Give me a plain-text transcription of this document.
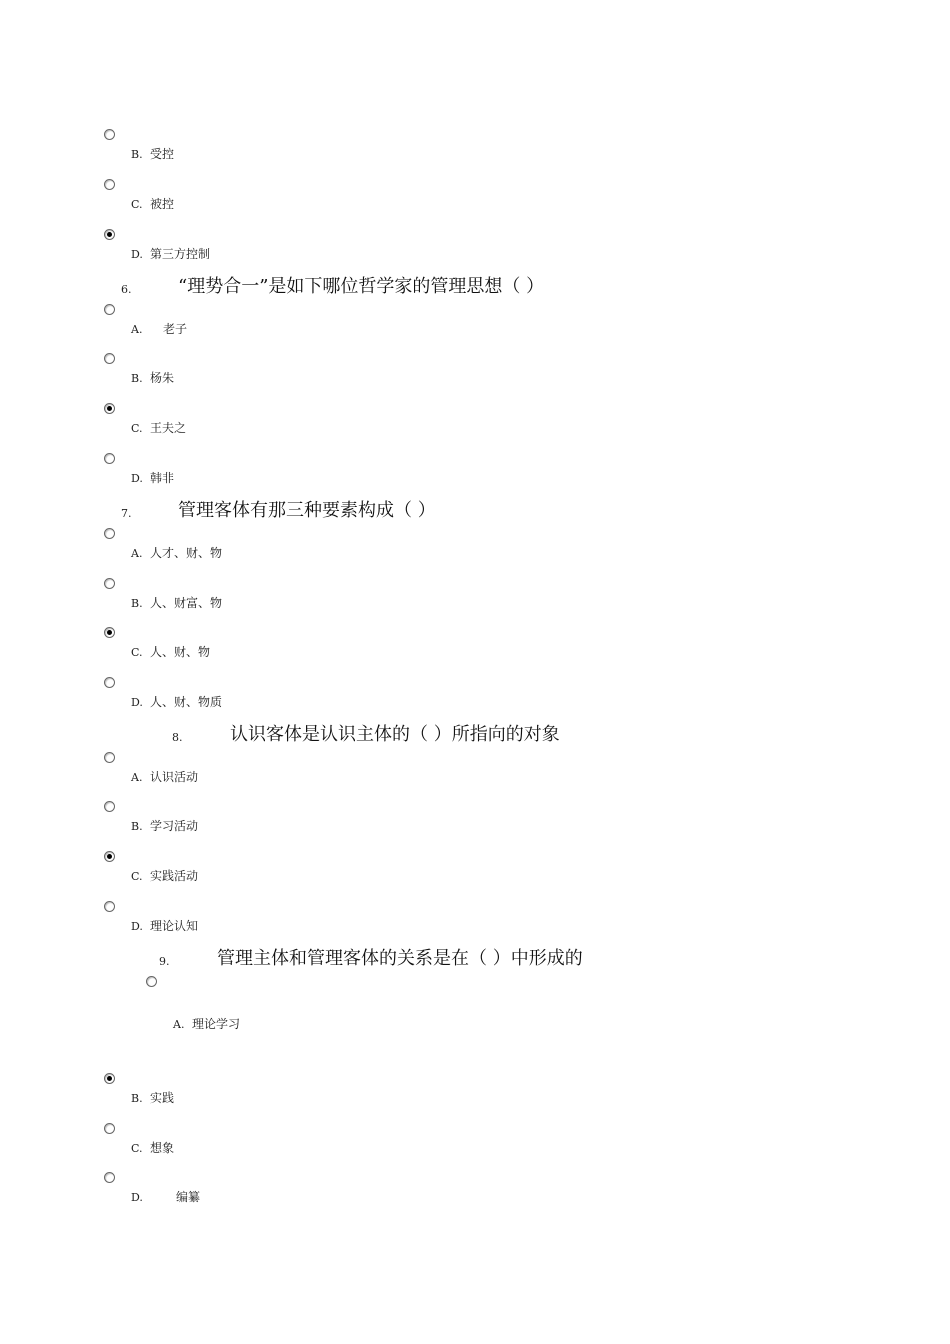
B. 受控
C. 被控
D. 第三方控制
6.	“理势合一”是如下哪位哲学家的管理思想（ ）
A. 老子
B. 杨朱
C. 王夫之
D. 韩非
7.	管理客体有那三种要素构成（ ）
A. 人才、财、物
B. 人、财富、物
C. 人、财、物
D. 人、财、物质
8.	认识客体是认识主体的（ ）所指向的对象
A. 认识活动
B. 学习活动
C. 实践活动
D. 理论认知
9.	管理主体和管理客体的关系是在（ ）中形成的
A. 理论学习
B. 实践
C. 想象
D.	编纂
